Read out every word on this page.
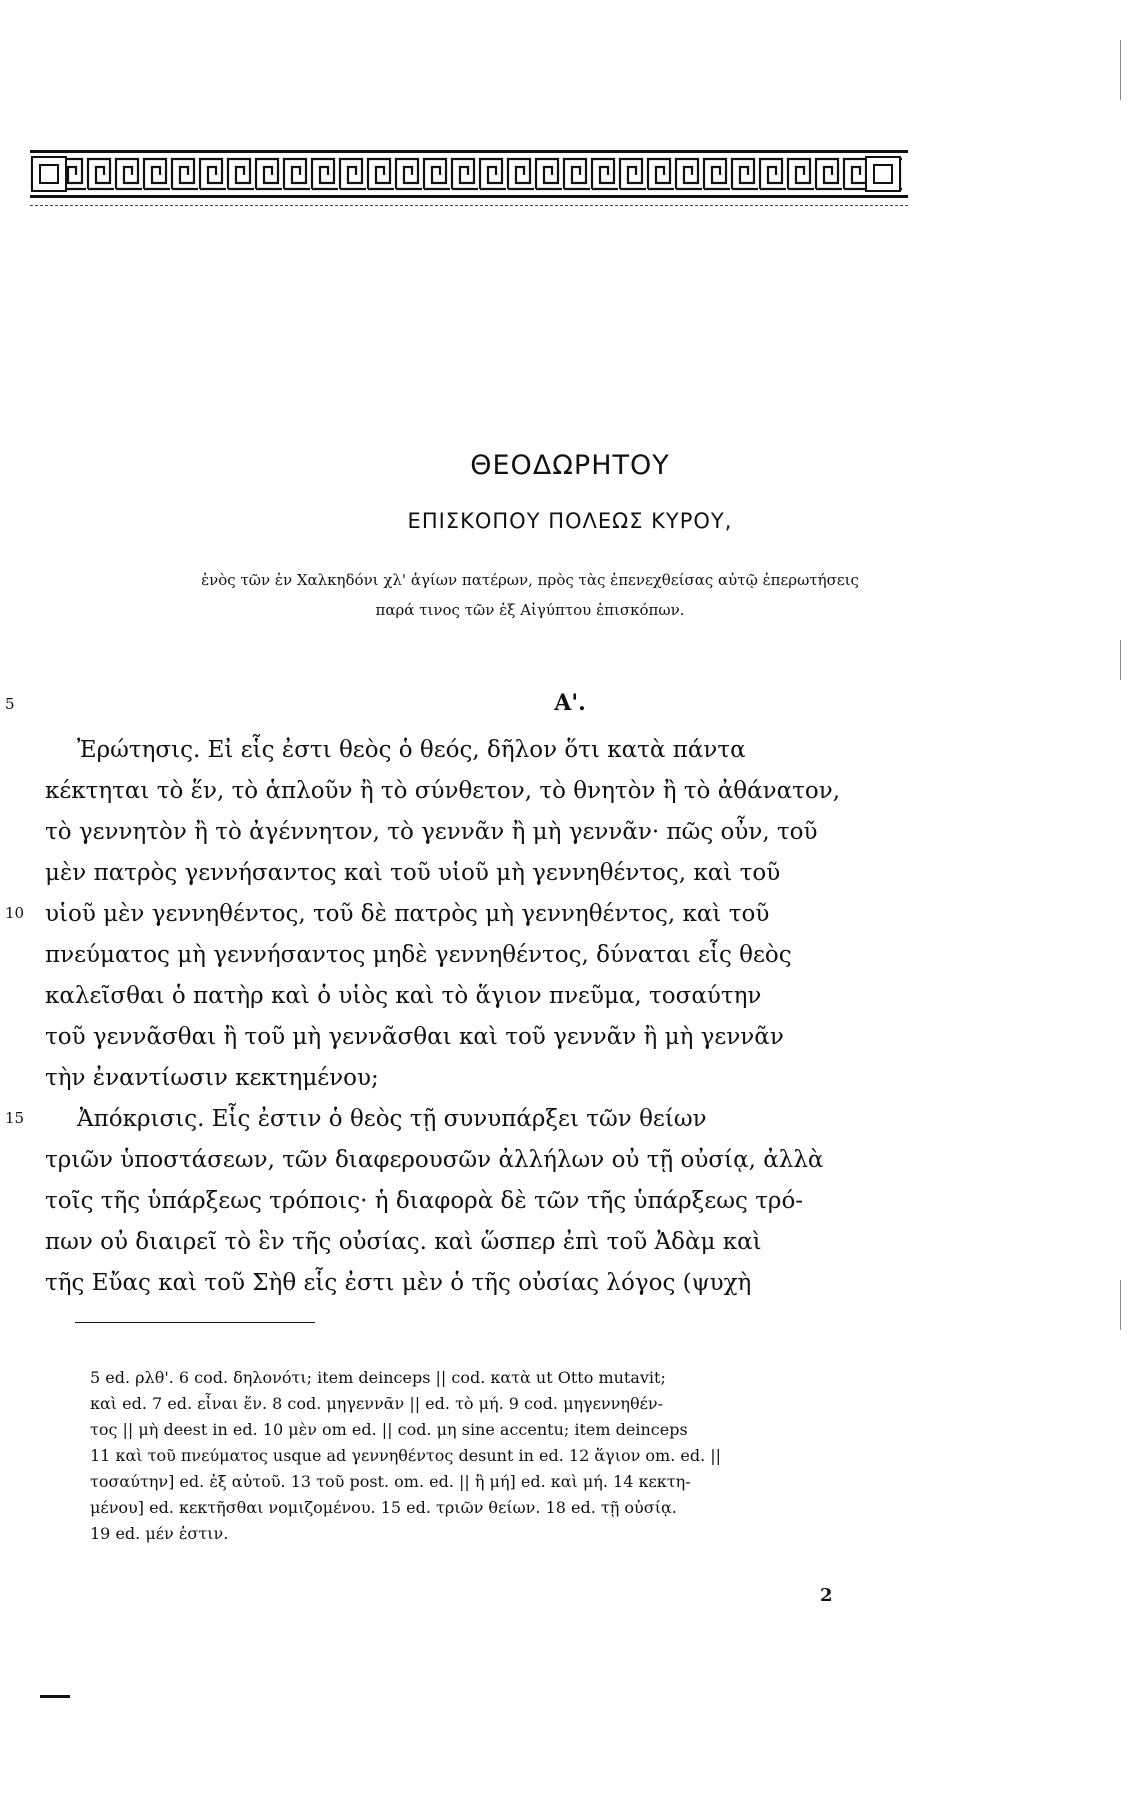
ΘΕΟΔΩΡΗΤΟΥ
ΕΠΙΣΚΟΠΟΥ ΠΟΛΕΩΣ ΚΥΡΟΥ,
ἑνὸς τῶν ἐν Χαλκηδόνι χλ' ἁγίων πατέρων, πρὸς τὰς ἐπενεχθείσας αὐτῷ ἐπερωτήσεις
παρά τινος τῶν ἐξ Αἰγύπτου ἐπισκόπων.
Α'.
5
10
15
Ἐρώτησις. Εἰ εἷς ἐστι θεὸς ὁ θεός, δῆλον ὅτι κατὰ πάντα
κέκτηται τὸ ἕν, τὸ ἁπλοῦν ἢ τὸ σύνθετον, τὸ θνητὸν ἢ τὸ ἀθάνατον,
τὸ γεννητὸν ἢ τὸ ἀγέννητον, τὸ γεννᾶν ἢ μὴ γεννᾶν· πῶς οὖν, τοῦ
μὲν πατρὸς γεννήσαντος καὶ τοῦ υἱοῦ μὴ γεννηθέντος, καὶ τοῦ
υἱοῦ μὲν γεννηθέντος, τοῦ δὲ πατρὸς μὴ γεννηθέντος, καὶ τοῦ
πνεύματος μὴ γεννήσαντος μηδὲ γεννηθέντος, δύναται εἷς θεὸς
καλεῖσθαι ὁ πατὴρ καὶ ὁ υἱὸς καὶ τὸ ἅγιον πνεῦμα, τοσαύτην
τοῦ γεννᾶσθαι ἢ τοῦ μὴ γεννᾶσθαι καὶ τοῦ γεννᾶν ἢ μὴ γεννᾶν
τὴν ἐναντίωσιν κεκτημένου;
Ἀπόκρισις. Εἷς ἐστιν ὁ θεὸς τῇ συνυπάρξει τῶν θείων
τριῶν ὑποστάσεων, τῶν διαφερουσῶν ἀλλήλων οὐ τῇ οὐσίᾳ, ἀλλὰ
τοῖς τῆς ὑπάρξεως τρόποις· ἡ διαφορὰ δὲ τῶν τῆς ὑπάρξεως τρό-
πων οὐ διαιρεῖ τὸ ἓν τῆς οὐσίας. καὶ ὥσπερ ἐπὶ τοῦ Ἀδὰμ καὶ
τῆς Εὔας καὶ τοῦ Σὴθ εἷς ἐστι μὲν ὁ τῆς οὐσίας λόγος (ψυχὴ
5 ed. ρλθ'. 6 cod. δηλονότι; item deinceps || cod. κατὰ ut Otto mutavit;
καὶ ed. 7 ed. εἶναι ἕν. 8 cod. μηγεννᾶν || ed. τὸ μή. 9 cod. μηγεννηθέν-
τος || μὴ deest in ed. 10 μὲν om ed. || cod. μη sine accentu; item deinceps
11 καὶ τοῦ πνεύματος usque ad γεννηθέντος desunt in ed. 12 ἅγιον om. ed. ||
τοσαύτην] ed. ἐξ αὐτοῦ. 13 τοῦ post. om. ed. || ἢ μή] ed. καὶ μή. 14 κεκτη-
μένου] ed. κεκτῆσθαι νομιζομένου. 15 ed. τριῶν θείων. 18 ed. τῇ οὐσίᾳ.
19 ed. μέν ἐστιν.
2
